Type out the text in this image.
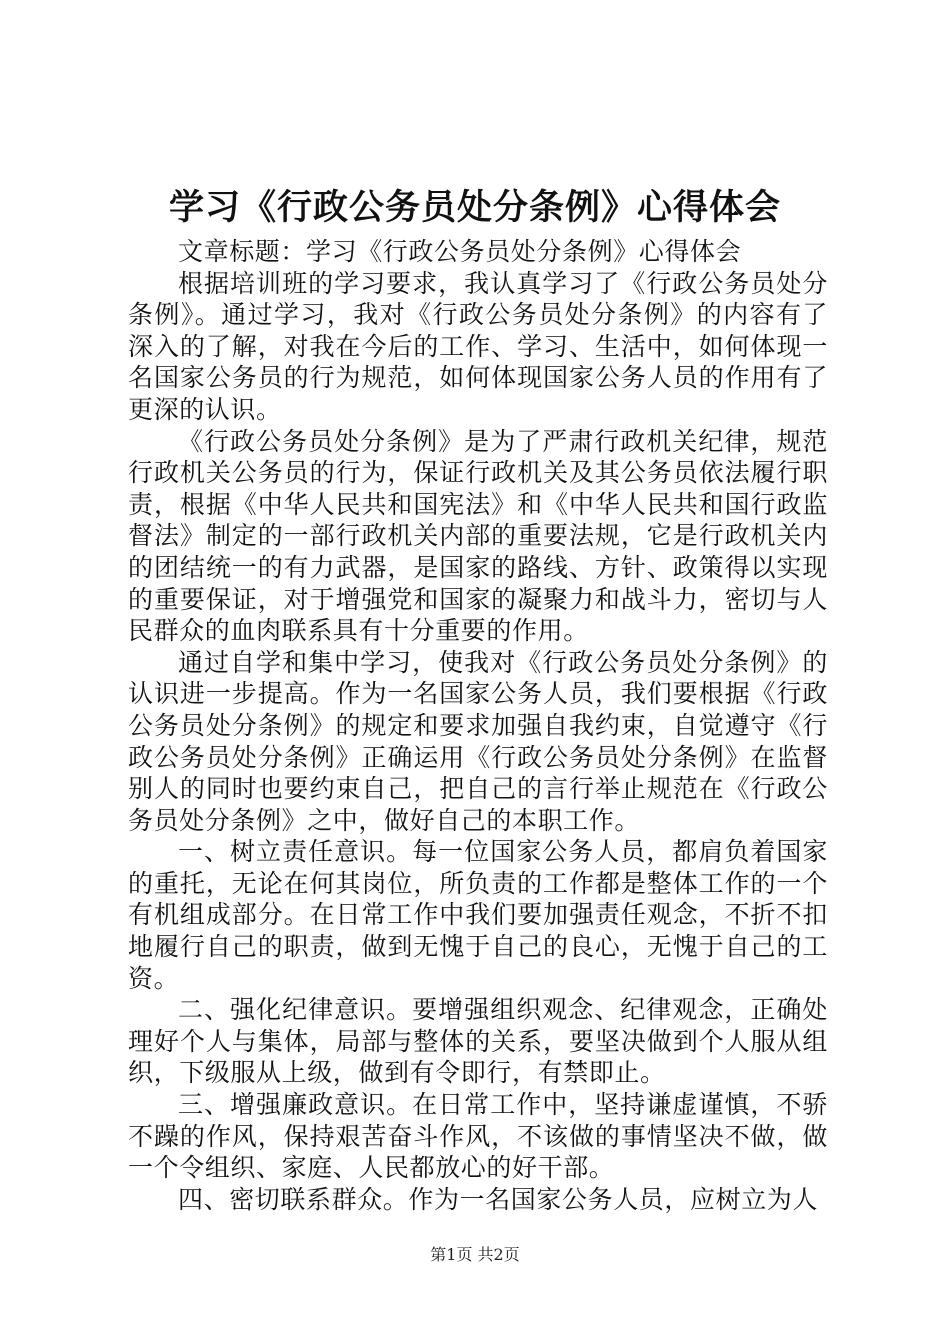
学习《行政公务员处分条例》心得体会

文章标题：学习《行政公务员处分条例》心得体会

根据培训班的学习要求，我认真学习了《行政公务员处分条例》。通过学习，我对《行政公务员处分条例》的内容有了深入的了解，对我在今后的工作、学习、生活中，如何体现一名国家公务员的行为规范，如何体现国家公务人员的作用有了更深的认识。

《行政公务员处分条例》是为了严肃行政机关纪律，规范行政机关公务员的行为，保证行政机关及其公务员依法履行职责，根据《中华人民共和国宪法》和《中华人民共和国行政监督法》制定的一部行政机关内部的重要法规，它是行政机关内的团结统一的有力武器，是国家的路线、方针、政策得以实现的重要保证，对于增强党和国家的凝聚力和战斗力，密切与人民群众的血肉联系具有十分重要的作用。

通过自学和集中学习，使我对《行政公务员处分条例》的认识进一步提高。作为一名国家公务人员，我们要根据《行政公务员处分条例》的规定和要求加强自我约束，自觉遵守《行政公务员处分条例》正确运用《行政公务员处分条例》在监督别人的同时也要约束自己，把自己的言行举止规范在《行政公务员处分条例》之中，做好自己的本职工作。

一、树立责任意识。每一位国家公务人员，都肩负着国家的重托，无论在何其岗位，所负责的工作都是整体工作的一个有机组成部分。在日常工作中我们要加强责任观念，不折不扣地履行自己的职责，做到无愧于自己的良心，无愧于自己的工资。

二、强化纪律意识。要增强组织观念、纪律观念，正确处理好个人与集体，局部与整体的关系，要坚决做到个人服从组织，下级服从上级，做到有令即行，有禁即止。

三、增强廉政意识。在日常工作中，坚持谦虚谨慎，不骄不躁的作风，保持艰苦奋斗作风，不该做的事情坚决不做，做一个令组织、家庭、人民都放心的好干部。

四、密切联系群众。作为一名国家公务人员，应树立为人

第1页 共2页
